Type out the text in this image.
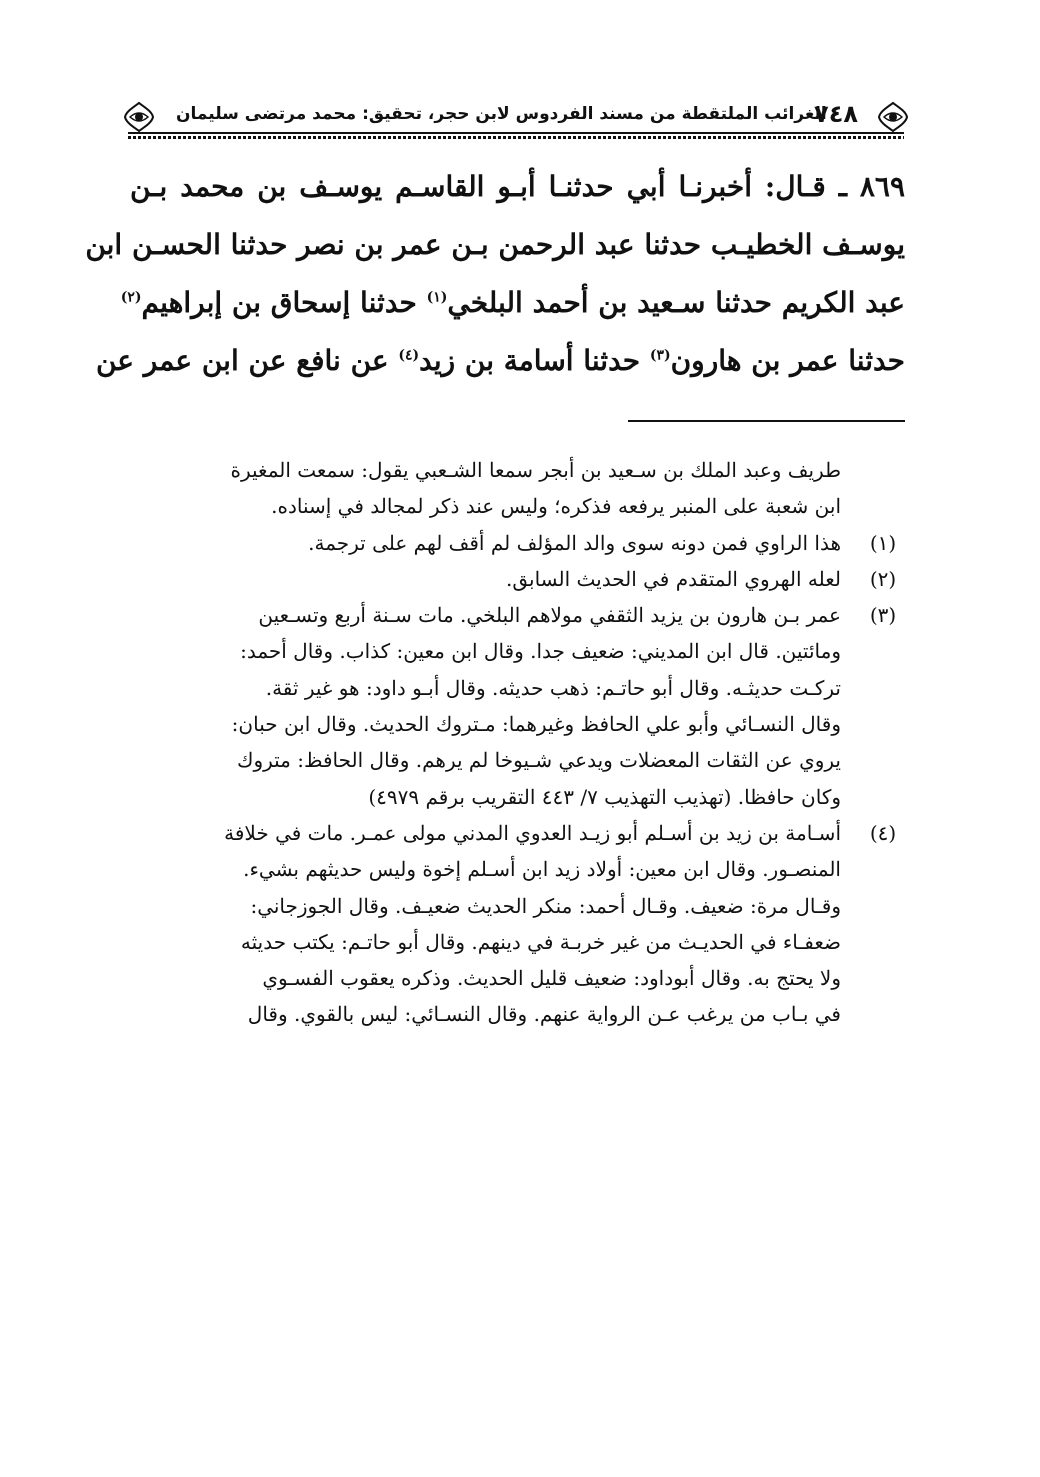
٧٤٨
الغرائب الملتقطة من مسند الفردوس لابن حجر، تحقيق: محمد مرتضى سليمان
٨٦٩ ـ قـال: أخبرنـا أبي حدثنـا أبـو القاسـم يوسـف بن محمد بـن
يوسـف الخطيـب حدثنا عبد الرحمن بـن عمر بن نصر حدثنا الحسـن ابن
عبد الكريم حدثنا سـعيد بن أحمد البلخي$^{(١)}$ حدثنا إسحاق بن إبراهيم$^{(٢)}$
حدثنا عمر بن هارون$^{(٣)}$ حدثنا أسامة بن زيد$^{(٤)}$ عن نافع عن ابن عمر عن
طريف وعبد الملك بن سـعيد بن أبجر سمعا الشـعبي يقول: سمعت المغيرة
ابن شعبة على المنبر يرفعه فذكره؛ وليس عند ذكر لمجالد في إسناده.
(١)
هذا الراوي فمن دونه سوى والد المؤلف لم أقف لهم على ترجمة.
(٢)
لعله الهروي المتقدم في الحديث السابق.
(٣)
عمر بـن هارون بن يزيد الثقفي مولاهم البلخي. مات سـنة أربع وتسـعين
ومائتين. قال ابن المديني: ضعيف جدا. وقال ابن معين: كذاب. وقال أحمد:
تركـت حديثـه. وقال أبو حاتـم: ذهب حديثه. وقال أبـو داود: هو غير ثقة.
وقال النسـائي وأبو علي الحافظ وغيرهما: مـتروك الحديث. وقال ابن حبان:
يروي عن الثقات المعضلات ويدعي شـيوخا لم يرهم. وقال الحافظ: متروك
وكان حافظا. (تهذيب التهذيب ٧/ ٤٤٣ التقريب برقم ٤٩٧٩)
(٤)
أسـامة بن زيد بن أسـلم أبو زيـد العدوي المدني مولى عمـر. مات في خلافة
المنصـور. وقال ابن معين: أولاد زيد ابن أسـلم إخوة وليس حديثهم بشيء.
وقـال مرة: ضعيف. وقـال أحمد: منكر الحديث ضعيـف. وقال الجوزجاني:
ضعفـاء في الحديـث من غير خربـة في دينهم. وقال أبو حاتـم: يكتب حديثه
ولا يحتج به. وقال أبوداود: ضعيف قليل الحديث. وذكره يعقوب الفسـوي
في بـاب من يرغب عـن الرواية عنهم. وقال النسـائي: ليس بالقوي. وقال
